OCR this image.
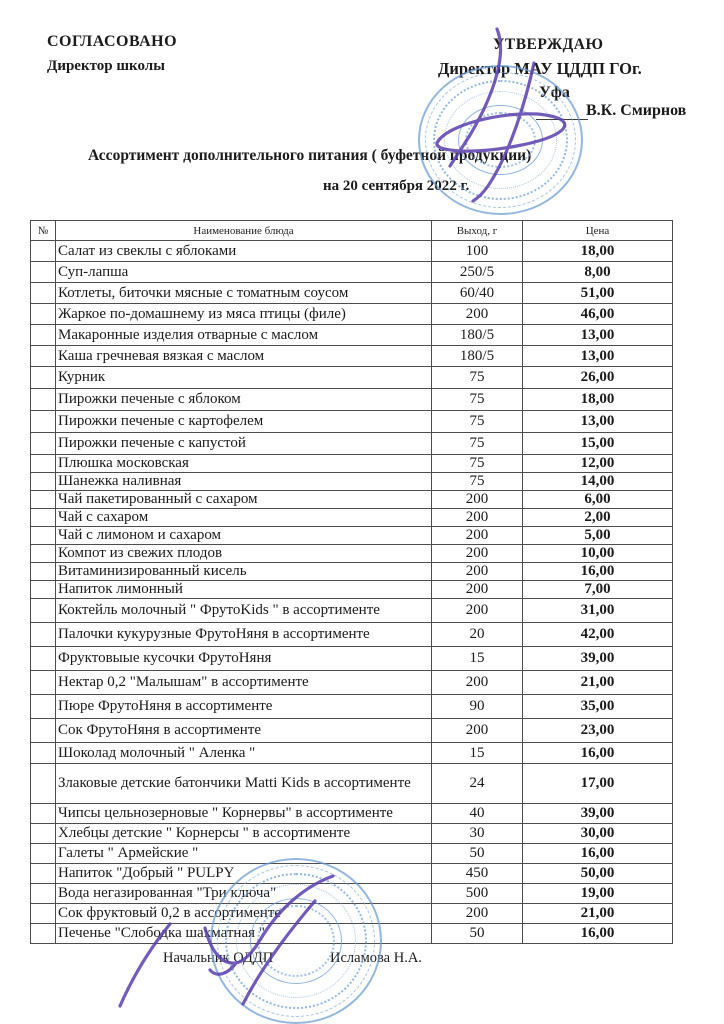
СОГЛАСОВАНО
Директор школы
УТВЕРЖДАЮ
Директор МАУ ЦДДП ГОг.
Уфа
В.К. Смирнов
Ассортимент дополнительного питания ( буфетной продукции)
на 20 сентября 2022 г.
№	Наименование блюда	Выход, г	Цена
	Салат из свеклы с яблоками	100	18,00
	Суп-лапша	250/5	8,00
	Котлеты, биточки мясные с томатным соусом	60/40	51,00
	Жаркое по-домашнему из мяса птицы (филе)	200	46,00
	Макаронные изделия отварные с маслом	180/5	13,00
	Каша гречневая вязкая с маслом	180/5	13,00
	Курник	75	26,00
	Пирожки печеные с яблоком	75	18,00
	Пирожки печеные с картофелем	75	13,00
	Пирожки печеные с капустой	75	15,00
	Плюшка московская	75	12,00
	Шанежка наливная	75	14,00
	Чай пакетированный с сахаром	200	6,00
	Чай с сахаром	200	2,00
	Чай с лимоном и сахаром	200	5,00
	Компот из свежих плодов	200	10,00
	Витаминизированный кисель	200	16,00
	Напиток лимонный	200	7,00
	Коктейль молочный " ФрутоKids " в ассортименте	200	31,00
	Палочки кукурузные ФрутоНяня в ассортименте	20	42,00
	Фруктовыые кусочки ФрутоНяня	15	39,00
	Нектар 0,2 "Малышам" в ассортименте	200	21,00
	Пюре ФрутоНяня в ассортименте	90	35,00
	Сок ФрутоНяня в ассортименте	200	23,00
	Шоколад молочный " Аленка "	15	16,00
	Злаковые детские батончики Matti Kids в ассортименте	24	17,00
	Чипсы цельнозерновые " Корнервы" в ассортименте	40	39,00
	Хлебцы детские " Корнерсы " в ассортименте	30	30,00
	Галеты " Армейские "	50	16,00
	Напиток "Добрый " PULPY	450	50,00
	Вода негазированная "Три ключа"	500	19,00
	Сок фруктовый 0,2 в ассортименте	200	21,00
	Печенье "Слободка шахматная "	50	16,00
Начальник ОДДП	Исламова Н.А.
